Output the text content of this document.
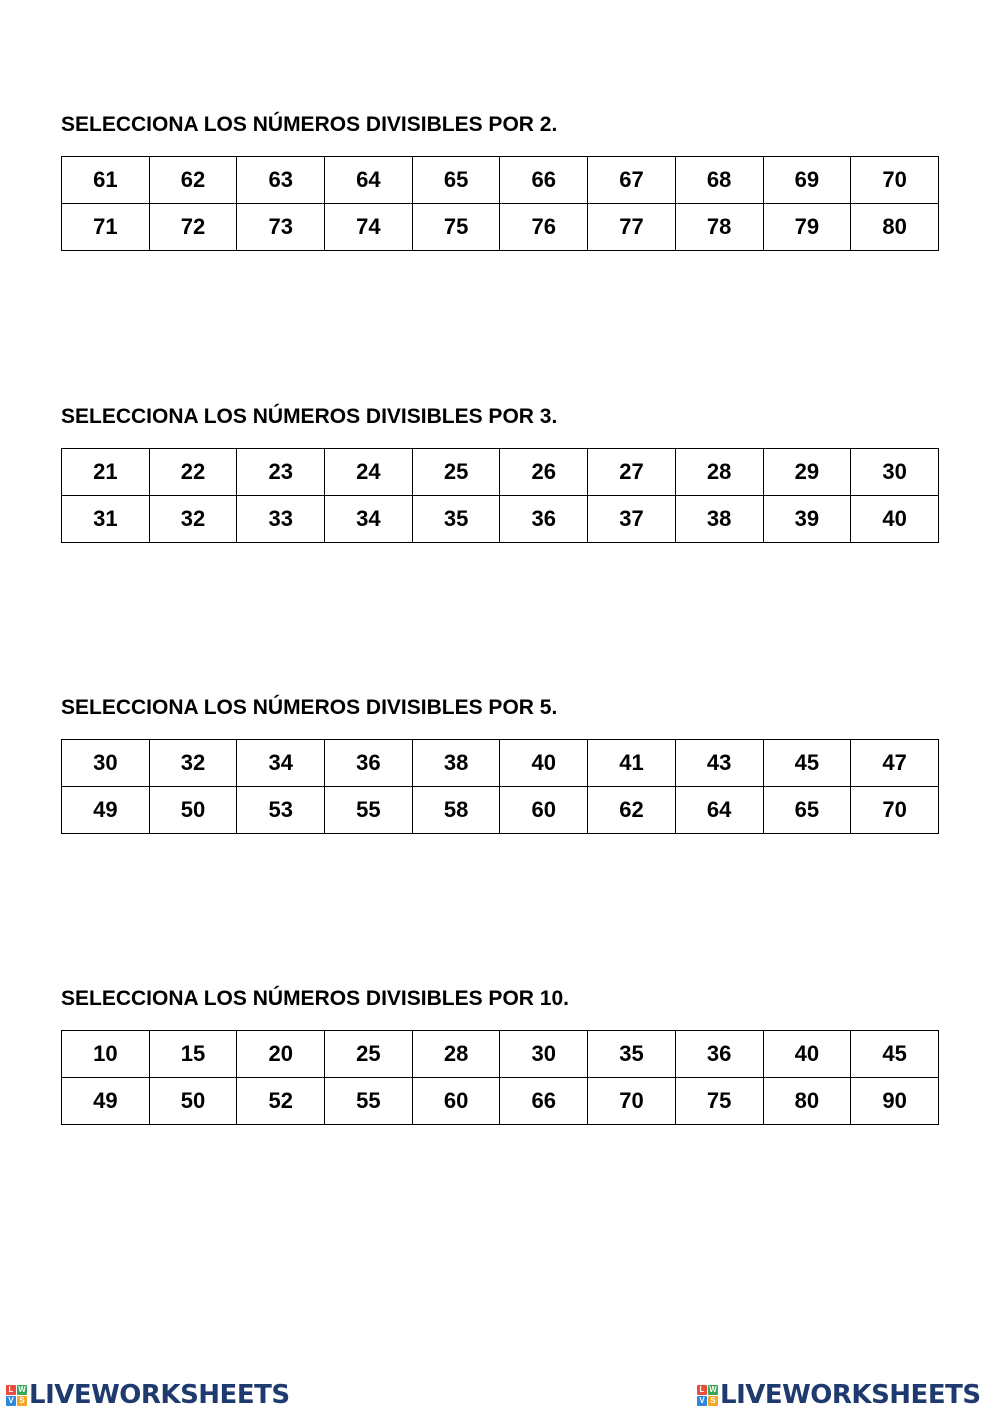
SELECCIONA LOS NÚMEROS DIVISIBLES POR 2.
61	62	63	64	65	66	67	68	69	70
71	72	73	74	75	76	77	78	79	80
SELECCIONA LOS NÚMEROS DIVISIBLES POR 3.
21	22	23	24	25	26	27	28	29	30
31	32	33	34	35	36	37	38	39	40
SELECCIONA LOS NÚMEROS DIVISIBLES POR 5.
30	32	34	36	38	40	41	43	45	47
49	50	53	55	58	60	62	64	65	70
SELECCIONA LOS NÚMEROS DIVISIBLES POR 10.
10	15	20	25	28	30	35	36	40	45
49	50	52	55	60	66	70	75	80	90
L W
V S LIVEWORKSHEETS	L W
V S LIVEWORKSHEETS
